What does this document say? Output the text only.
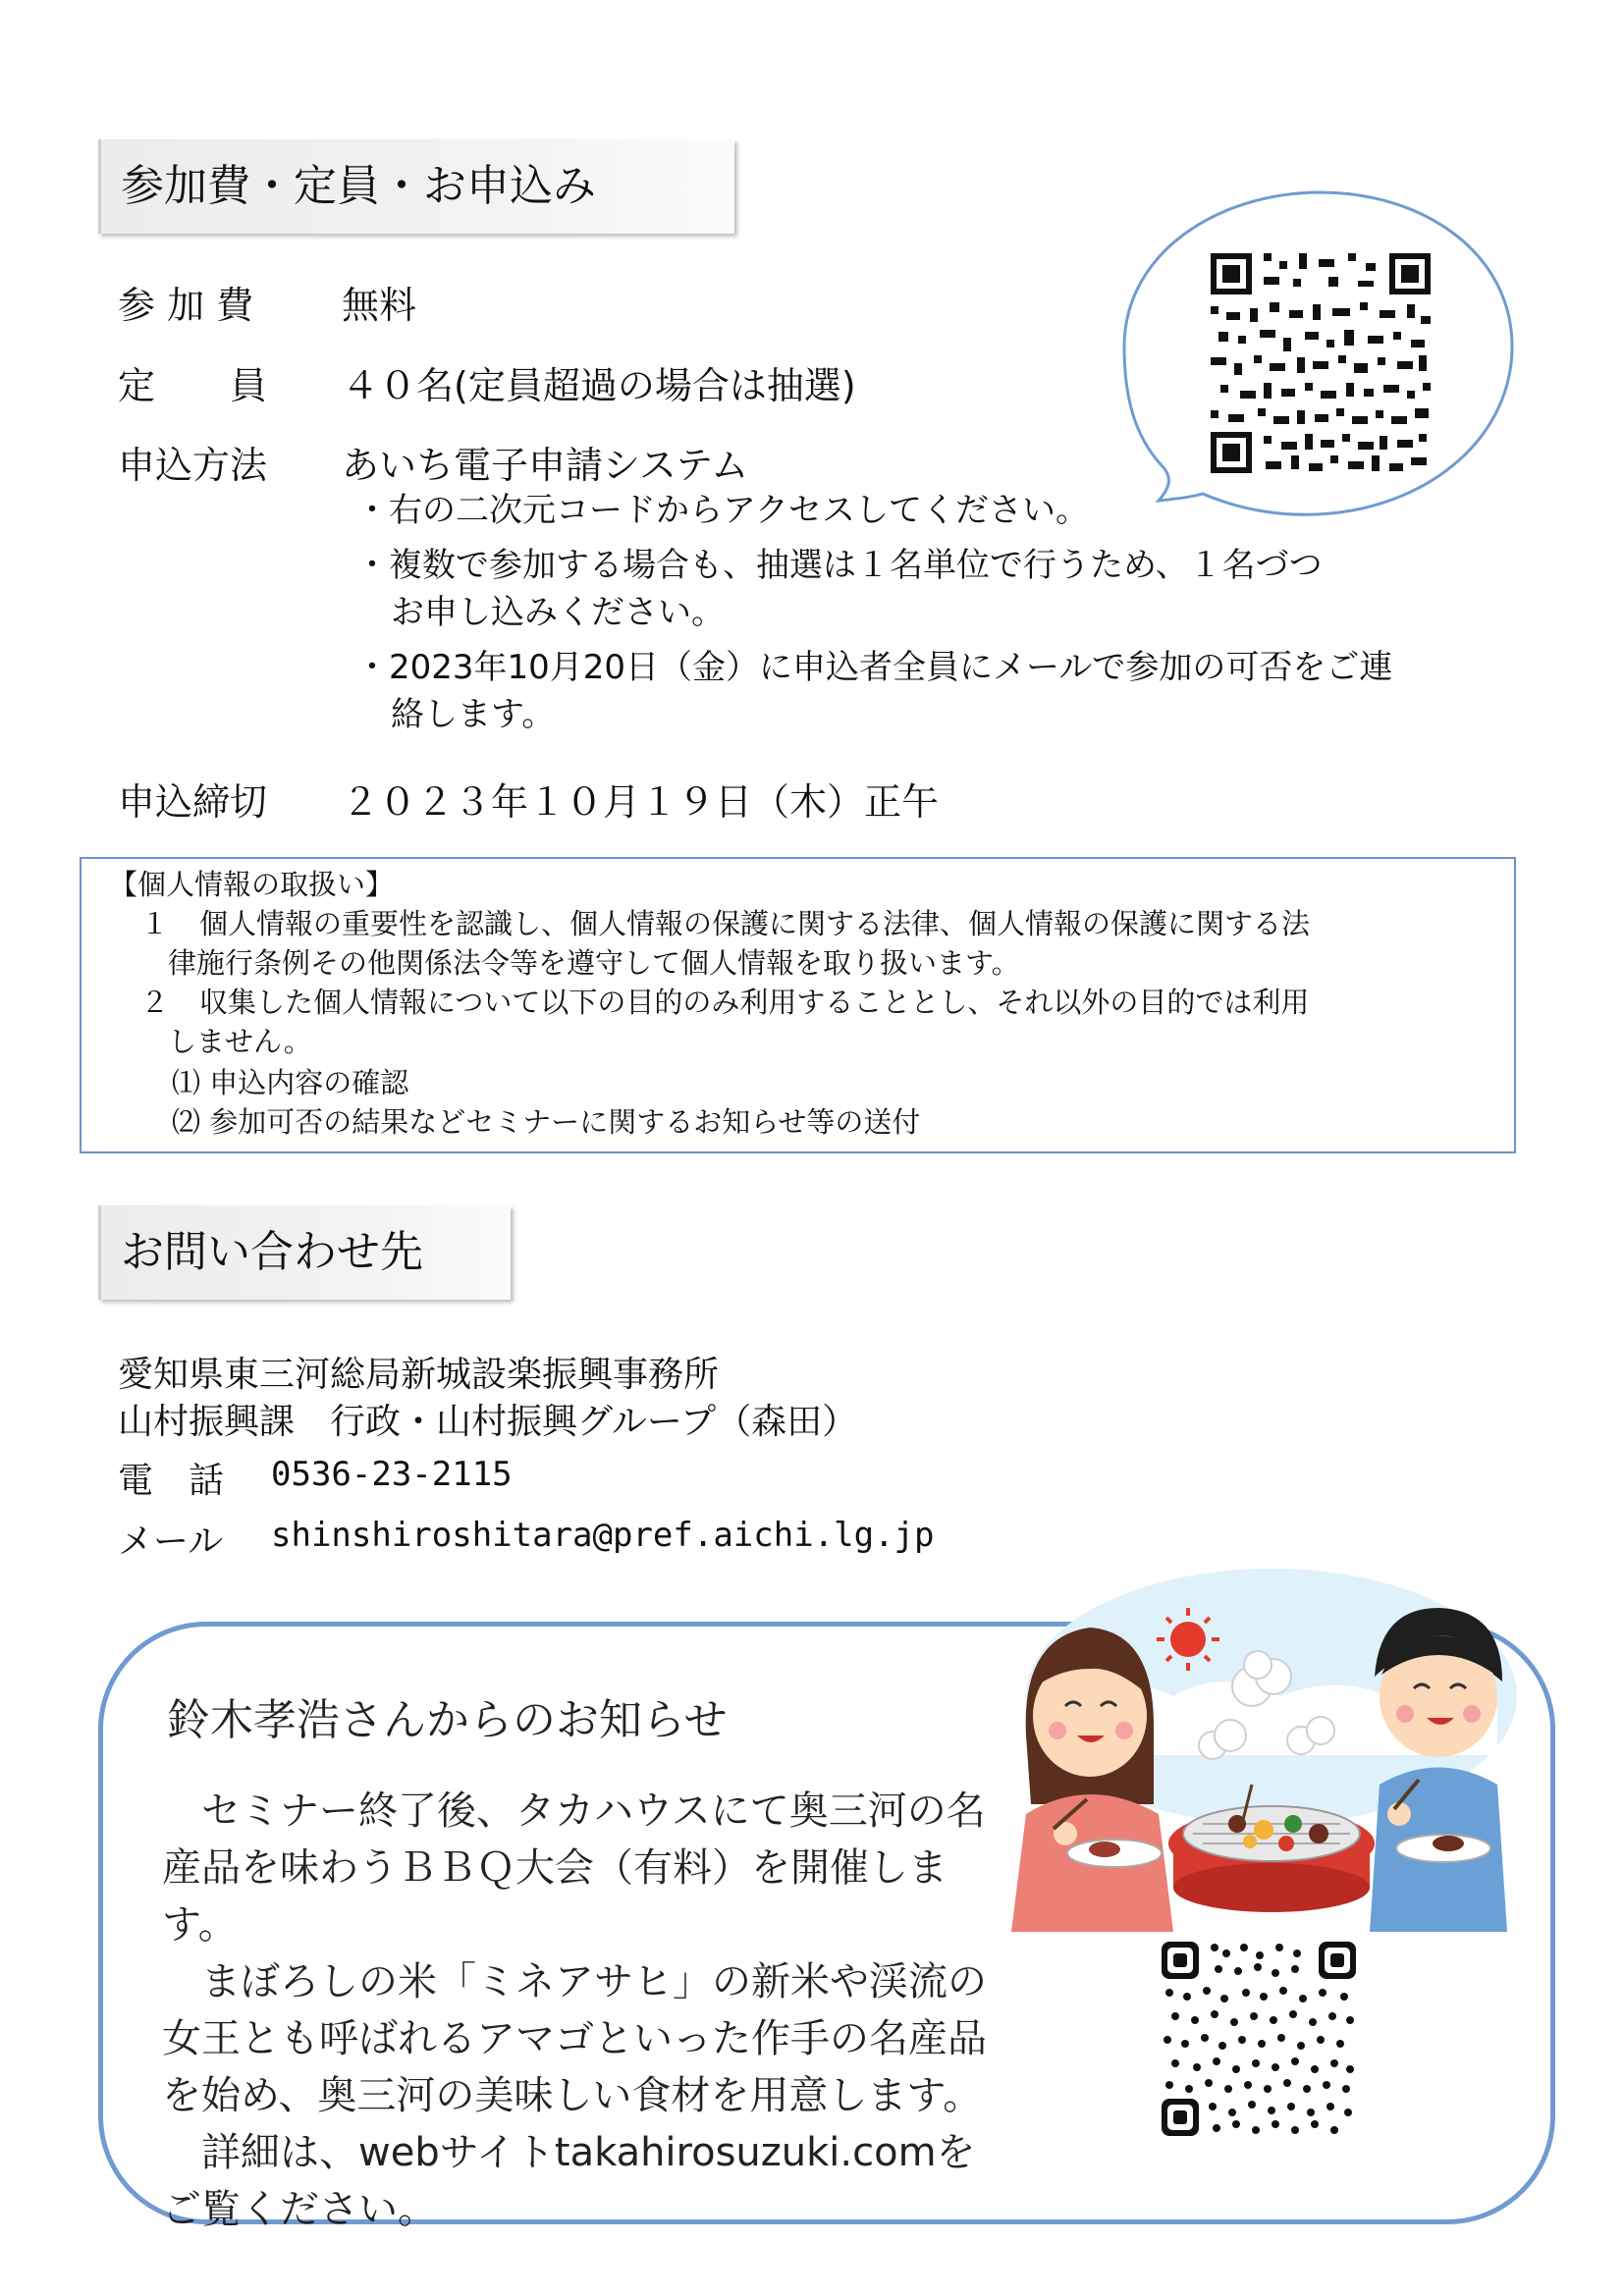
参加費・定員・お申込み
参 加 費 無料
定　　員 ４０名(定員超過の場合は抽選)
申込方法 あいち電子申請システム
・右の二次元コードからアクセスしてください。
・複数で参加する場合も、抽選は１名単位で行うため、１名づつ
お申し込みください。
・2023年10月20日（金）に申込者全員にメールで参加の可否をご連
絡します。
申込締切 ２０２３年１０月１９日（木）正午
【個人情報の取扱い】
１ 個人情報の重要性を認識し、個人情報の保護に関する法律、個人情報の保護に関する法
律施行条例その他関係法令等を遵守して個人情報を取り扱います。
２ 収集した個人情報について以下の目的のみ利用することとし、それ以外の目的では利用
しません。
⑴ 申込内容の確認
⑵ 参加可否の結果などセミナーに関するお知らせ等の送付
お問い合わせ先
愛知県東三河総局新城設楽振興事務所
山村振興課　行政・山村振興グループ（森田）
電　話 0536-23-2115
メール shinshiroshitara@pref.aichi.lg.jp
鈴木孝浩さんからのお知らせ

セミナー終了後、タカハウスにて奥三河の名

産品を味わうＢＢＱ大会（有料）を開催します。

まぼろしの米「ミネアサヒ」の新米や渓流の

女王とも呼ばれるアマゴといった作手の名産品

を始め、奥三河の美味しい食材を用意します。

詳細は、webサイトtakahirosuzuki.comを

ご覧ください。
